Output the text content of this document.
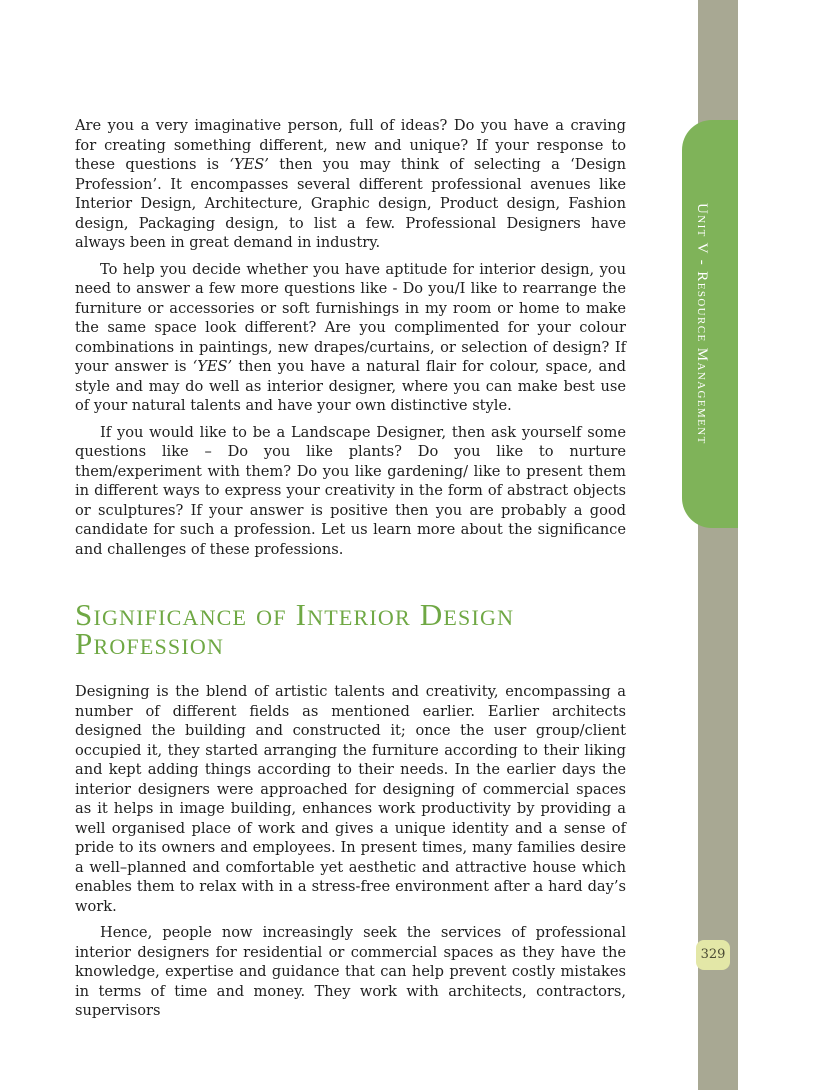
Unit V - Resource Management
329

Are you a very imaginative person, full of ideas? Do you have a craving for creating something different, new and unique? If your response to these questions is ‘YES’ then you may think of selecting a ‘Design Profession’. It encompasses several different professional avenues like Interior Design, Architecture, Graphic design, Product design, Fashion design, Packaging design, to list a few. Professional Designers have always been in great demand in industry.

To help you decide whether you have aptitude for interior design, you need to answer a few more questions like - Do you/I like to rearrange the furniture or accessories or soft furnishings in my room or home to make the same space look different? Are you complimented for your colour combinations in paintings, new drapes/curtains, or selection of design? If your answer is ‘YES’ then you have a natural flair for colour, space, and style and may do well as interior designer, where you can make best use of your natural talents and have your own distinctive style.

If you would like to be a Landscape Designer, then ask yourself some questions like – Do you like plants? Do you like to nurture them/experiment with them? Do you like gardening/ like to present them in different ways to express your creativity in the form of abstract objects or sculptures? If your answer is positive then you are probably a good candidate for such a profession. Let us learn more about the significance and challenges of these professions.

Significance of Interior Design
Profession

Designing is the blend of artistic talents and creativity, encompassing a number of different fields as mentioned earlier. Earlier architects designed the building and constructed it; once the user group/client occupied it, they started arranging the furniture according to their liking and kept adding things according to their needs. In the earlier days the interior designers were approached for designing of commercial spaces as it helps in image building, enhances work productivity by providing a well organised place of work and gives a unique identity and a sense of pride to its owners and employees. In present times, many families desire a well–planned and comfortable yet aesthetic and attractive house which enables them to relax with in a stress-free environment after a hard day’s work.

Hence, people now increasingly seek the services of professional interior designers for residential or commercial spaces as they have the knowledge, expertise and guidance that can help prevent costly mistakes in terms of time and money. They work with architects, contractors, supervisors
